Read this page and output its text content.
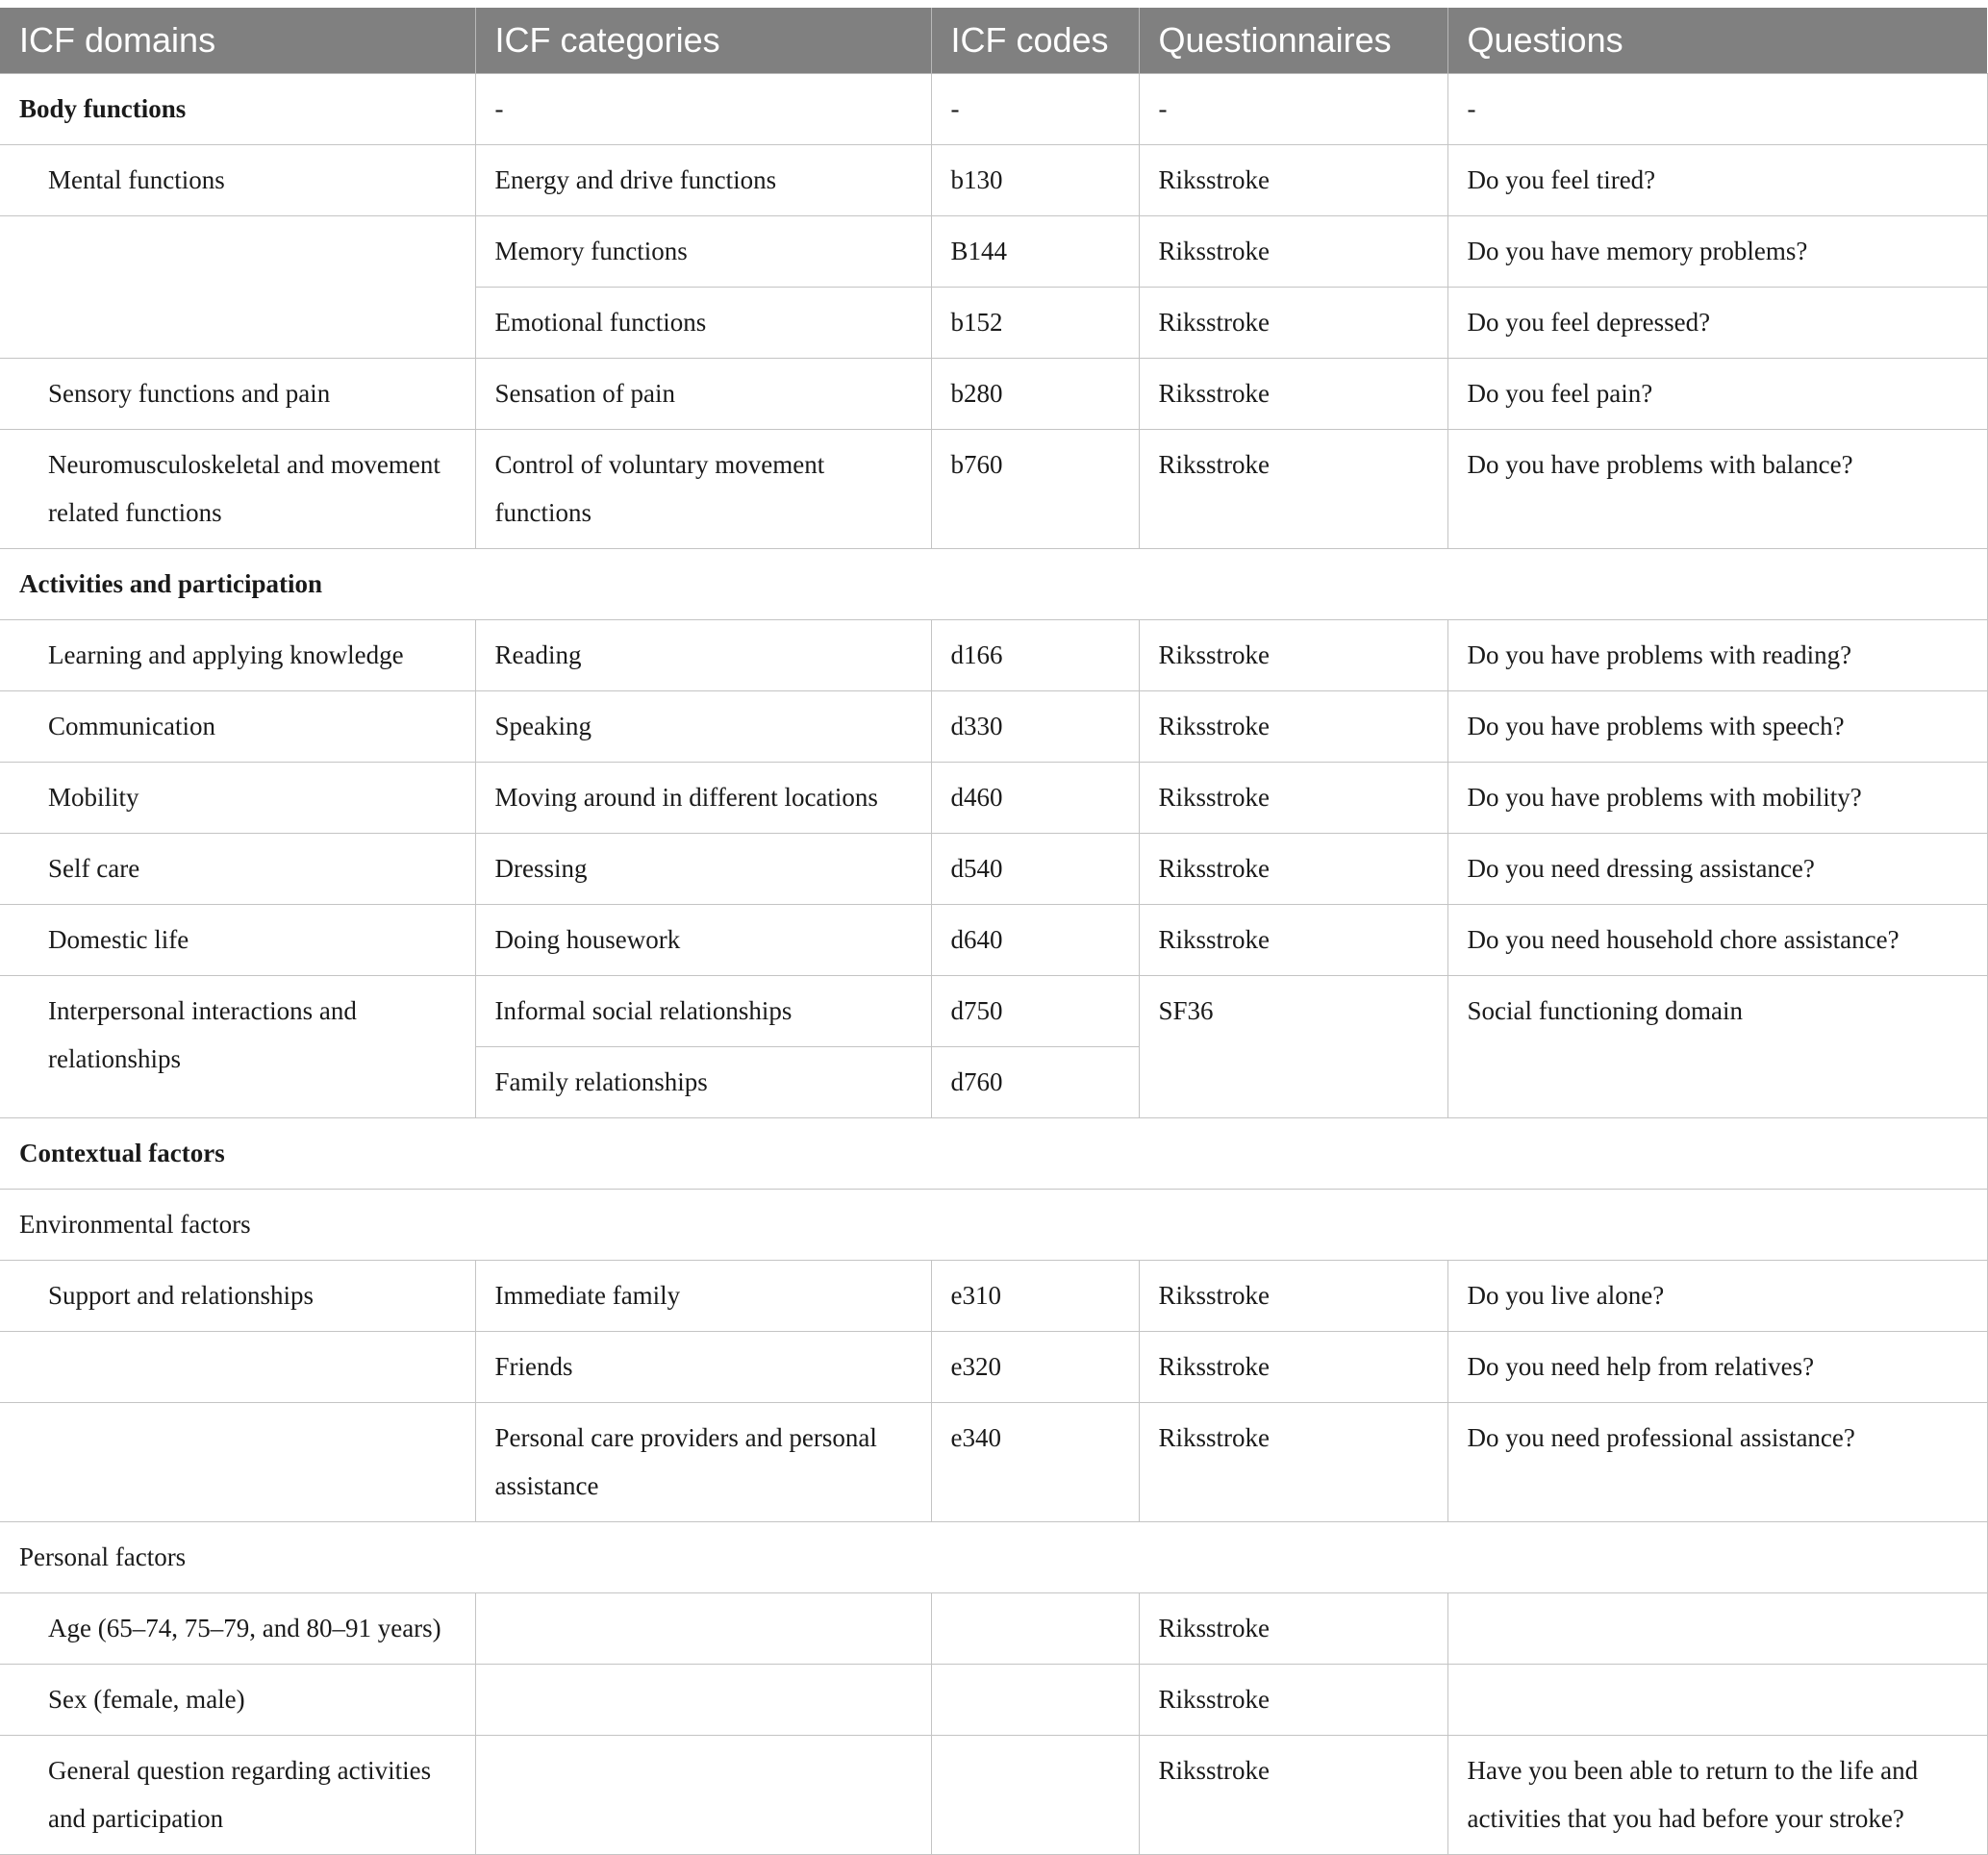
ICF domains	ICF categories	ICF codes	Questionnaires	Questions
Body functions	-	-	-	-
Mental functions	Energy and drive functions	b130	Riksstroke	Do you feel tired?
	Memory functions	B144	Riksstroke	Do you have memory problems?
	Emotional functions	b152	Riksstroke	Do you feel depressed?
Sensory functions and pain	Sensation of pain	b280	Riksstroke	Do you feel pain?
Neuromusculoskeletal and movement related functions	Control of voluntary movement functions	b760	Riksstroke	Do you have problems with balance?
Activities and participation				
Learning and applying knowledge	Reading	d166	Riksstroke	Do you have problems with reading?
Communication	Speaking	d330	Riksstroke	Do you have problems with speech?
Mobility	Moving around in different locations	d460	Riksstroke	Do you have problems with mobility?
Self care	Dressing	d540	Riksstroke	Do you need dressing assistance?
Domestic life	Doing housework	d640	Riksstroke	Do you need household chore assistance?
Interpersonal interactions and relationships	Informal social relationships	d750	SF36	Social functioning domain
	Family relationships	d760		
Contextual factors				
Environmental factors				
Support and relationships	Immediate family	e310	Riksstroke	Do you live alone?
	Friends	e320	Riksstroke	Do you need help from relatives?
	Personal care providers and personal assistance	e340	Riksstroke	Do you need professional assistance?
Personal factors				
Age (65–74, 75–79, and 80–91 years)			Riksstroke	
Sex (female, male)			Riksstroke	
General question regarding activities and participation			Riksstroke	Have you been able to return to the life and activities that you had before your stroke?
